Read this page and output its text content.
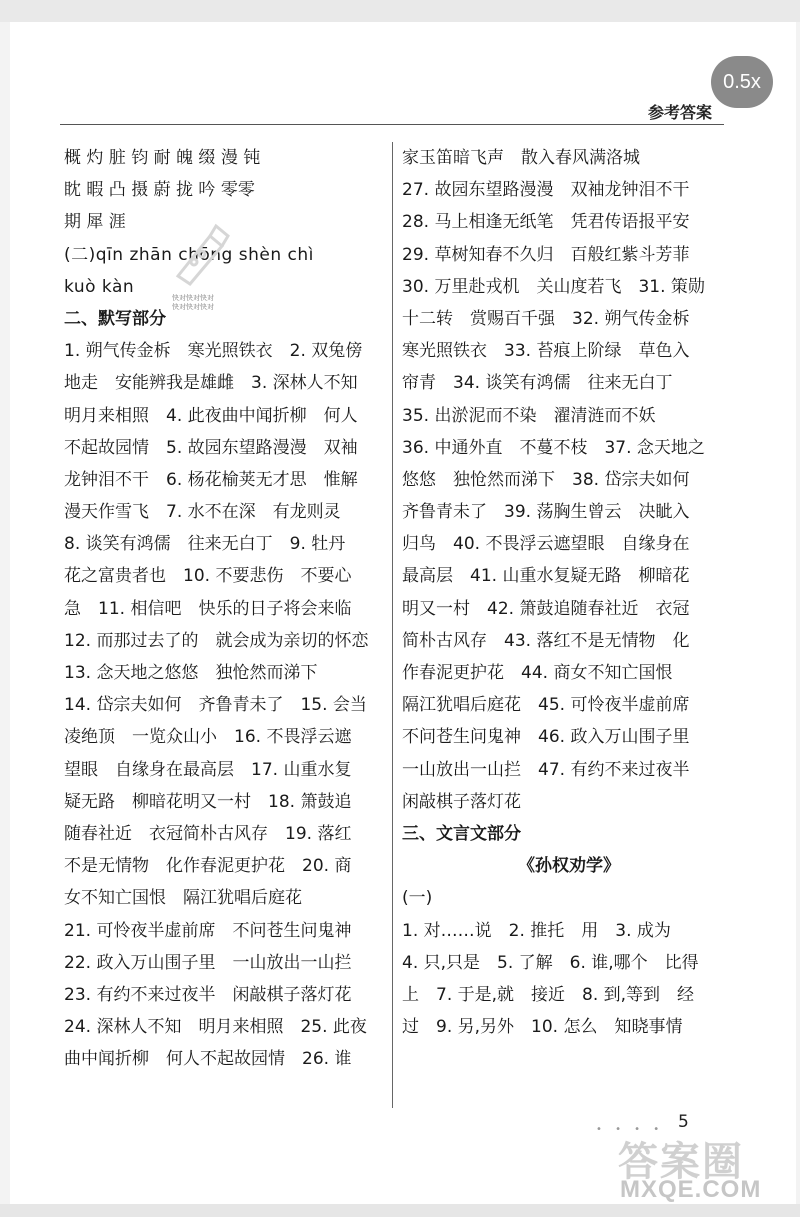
0.5x
参考答案
概 灼 脏 钧 耐 魄 缀 漫 钝
眈 暇 凸 摄 蔚 拢 吟 零零
期 犀 涯
(二)qīn zhān chōng shèn chì
kuò kàn
二、默写部分
1. 朔气传金柝　寒光照铁衣　2. 双兔傍
地走　安能辨我是雄雌　3. 深林人不知
明月来相照　4. 此夜曲中闻折柳　何人
不起故园情　5. 故园东望路漫漫　双袖
龙钟泪不干　6. 杨花榆荚无才思　惟解
漫天作雪飞　7. 水不在深　有龙则灵
8. 谈笑有鸿儒　往来无白丁　9. 牡丹
花之富贵者也　10. 不要悲伤　不要心
急　11. 相信吧　快乐的日子将会来临
12. 而那过去了的　就会成为亲切的怀恋
13. 念天地之悠悠　独怆然而涕下
14. 岱宗夫如何　齐鲁青未了　15. 会当
凌绝顶　一览众山小　16. 不畏浮云遮
望眼　自缘身在最高层　17. 山重水复
疑无路　柳暗花明又一村　18. 箫鼓追
随春社近　衣冠简朴古风存　19. 落红
不是无情物　化作春泥更护花　20. 商
女不知亡国恨　隔江犹唱后庭花
21. 可怜夜半虚前席　不问苍生问鬼神
22. 政入万山围子里　一山放出一山拦
23. 有约不来过夜半　闲敲棋子落灯花
24. 深林人不知　明月来相照　25. 此夜
曲中闻折柳　何人不起故园情　26. 谁
家玉笛暗飞声　散入春风满洛城
27. 故园东望路漫漫　双袖龙钟泪不干
28. 马上相逢无纸笔　凭君传语报平安
29. 草树知春不久归　百般红紫斗芳菲
30. 万里赴戎机　关山度若飞　31. 策勋
十二转　赏赐百千强　32. 朔气传金柝
寒光照铁衣　33. 苔痕上阶绿　草色入
帘青　34. 谈笑有鸿儒　往来无白丁
35. 出淤泥而不染　濯清涟而不妖
36. 中通外直　不蔓不枝　37. 念天地之
悠悠　独怆然而涕下　38. 岱宗夫如何
齐鲁青未了　39. 荡胸生曾云　决眦入
归鸟　40. 不畏浮云遮望眼　自缘身在
最高层　41. 山重水复疑无路　柳暗花
明又一村　42. 箫鼓追随春社近　衣冠
简朴古风存　43. 落红不是无情物　化
作春泥更护花　44. 商女不知亡国恨
隔江犹唱后庭花　45. 可怜夜半虚前席
不问苍生问鬼神　46. 政入万山围子里
一山放出一山拦　47. 有约不来过夜半
闲敲棋子落灯花
三、文言文部分
《孙权劝学》
(一)
1. 对……说　2. 推托　用　3. 成为
4. 只,只是　5. 了解　6. 谁,哪个　比得
上　7. 于是,就　接近　8. 到,等到　经
过　9. 另,另外　10. 怎么　知晓事情
快对快对快对
快对快对快对
• • • • 5
答案圈
MXQE.COM
